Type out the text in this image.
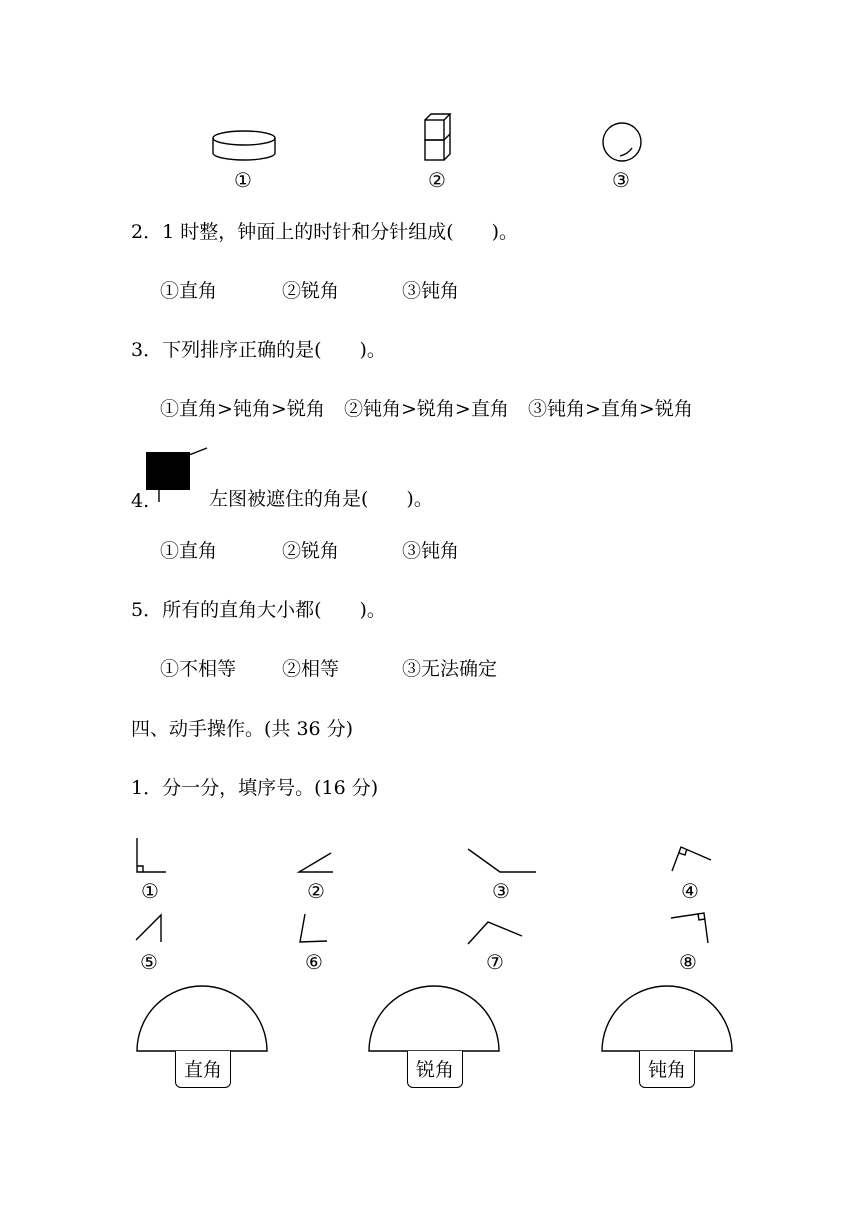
①	②	③
2．1 时整，钟面上的时针和分针组成(　　)。
①直角	②锐角	③钝角
3．下列排序正确的是(　　)。
①直角>钝角>锐角 ②钝角>锐角>直角 ③钝角>直角>锐角
4.	左图被遮住的角是(　　)。
①直角	②锐角	③钝角
5．所有的直角大小都(　　)。
①不相等 ②相等	③无法确定
四、动手操作。(共 36 分)
1．分一分，填序号。(16 分)
①	②	③	④
⑤	⑥	⑦	⑧
直角	锐角	钝角
